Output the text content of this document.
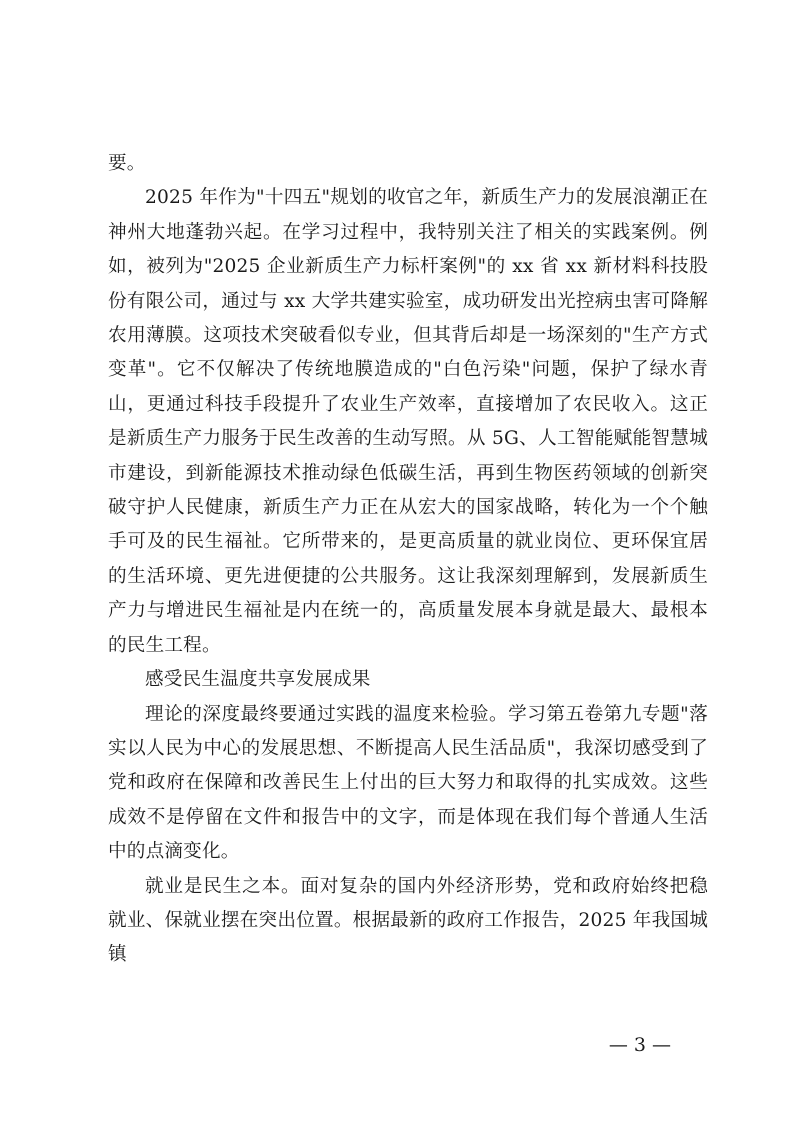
要。

2025 年作为"十四五"规划的收官之年，新质生产力的发展浪潮正在神州大地蓬勃兴起。在学习过程中，我特别关注了相关的实践案例。例如，被列为"2025 企业新质生产力标杆案例"的 xx 省 xx 新材料科技股份有限公司，通过与 xx 大学共建实验室，成功研发出光控病虫害可降解农用薄膜。这项技术突破看似专业，但其背后却是一场深刻的"生产方式变革"。它不仅解决了传统地膜造成的"白色污染"问题，保护了绿水青山，更通过科技手段提升了农业生产效率，直接增加了农民收入。这正是新质生产力服务于民生改善的生动写照。从 5G、人工智能赋能智慧城市建设，到新能源技术推动绿色低碳生活，再到生物医药领域的创新突破守护人民健康，新质生产力正在从宏大的国家战略，转化为一个个触手可及的民生福祉。它所带来的，是更高质量的就业岗位、更环保宜居的生活环境、更先进便捷的公共服务。这让我深刻理解到，发展新质生产力与增进民生福祉是内在统一的，高质量发展本身就是最大、最根本的民生工程。

感受民生温度共享发展成果

理论的深度最终要通过实践的温度来检验。学习第五卷第九专题"落实以人民为中心的发展思想、不断提高人民生活品质"，我深切感受到了党和政府在保障和改善民生上付出的巨大努力和取得的扎实成效。这些成效不是停留在文件和报告中的文字，而是体现在我们每个普通人生活中的点滴变化。

就业是民生之本。面对复杂的国内外经济形势，党和政府始终把稳就业、保就业摆在突出位置。根据最新的政府工作报告，2025 年我国城镇

— 3 —
